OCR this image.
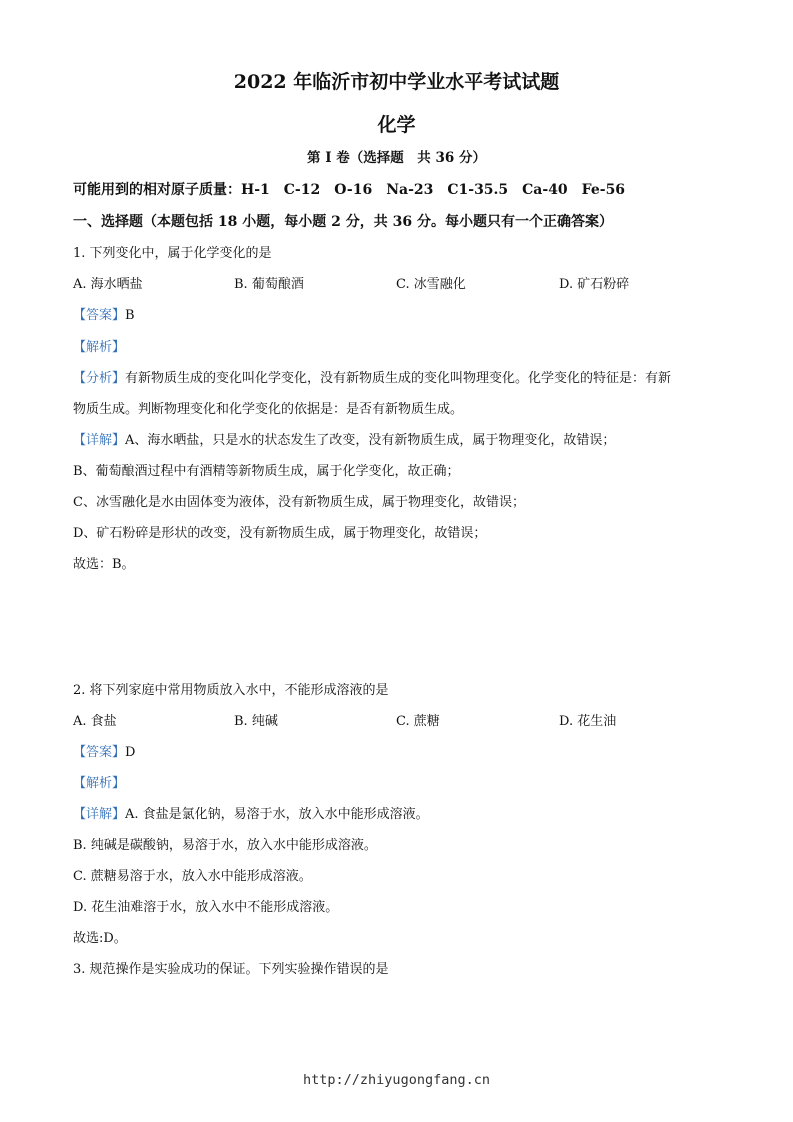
2022 年临沂市初中学业水平考试试题
化学
第 I 卷（选择题　共 36 分）
可能用到的相对原子质量：H-1　C-12　O-16　Na-23　C1-35.5　Ca-40　Fe-56
一、选择题（本题包括 18 小题，每小题 2 分，共 36 分。每小题只有一个正确答案）
1. 下列变化中，属于化学变化的是
A. 海水晒盐	B. 葡萄酿酒	C. 冰雪融化	D. 矿石粉碎
【答案】B
【解析】
【分析】有新物质生成的变化叫化学变化，没有新物质生成的变化叫物理变化。化学变化的特征是：有新
物质生成。判断物理变化和化学变化的依据是：是否有新物质生成。
【详解】A、海水晒盐，只是水的状态发生了改变，没有新物质生成，属于物理变化，故错误；
B、葡萄酿酒过程中有酒精等新物质生成，属于化学变化，故正确；
C、冰雪融化是水由固体变为液体，没有新物质生成，属于物理变化，故错误；
D、矿石粉碎是形状的改变，没有新物质生成，属于物理变化，故错误；
故选：B。
2. 将下列家庭中常用物质放入水中，不能形成溶液的是
A. 食盐	B. 纯碱	C. 蔗糖	D. 花生油
【答案】D
【解析】
【详解】A. 食盐是氯化钠，易溶于水，放入水中能形成溶液。
B. 纯碱是碳酸钠，易溶于水，放入水中能形成溶液。
C. 蔗糖易溶于水，放入水中能形成溶液。
D. 花生油难溶于水，放入水中不能形成溶液。
故选:D。
3. 规范操作是实验成功的保证。下列实验操作错误的是
http://zhiyugongfang.cn
